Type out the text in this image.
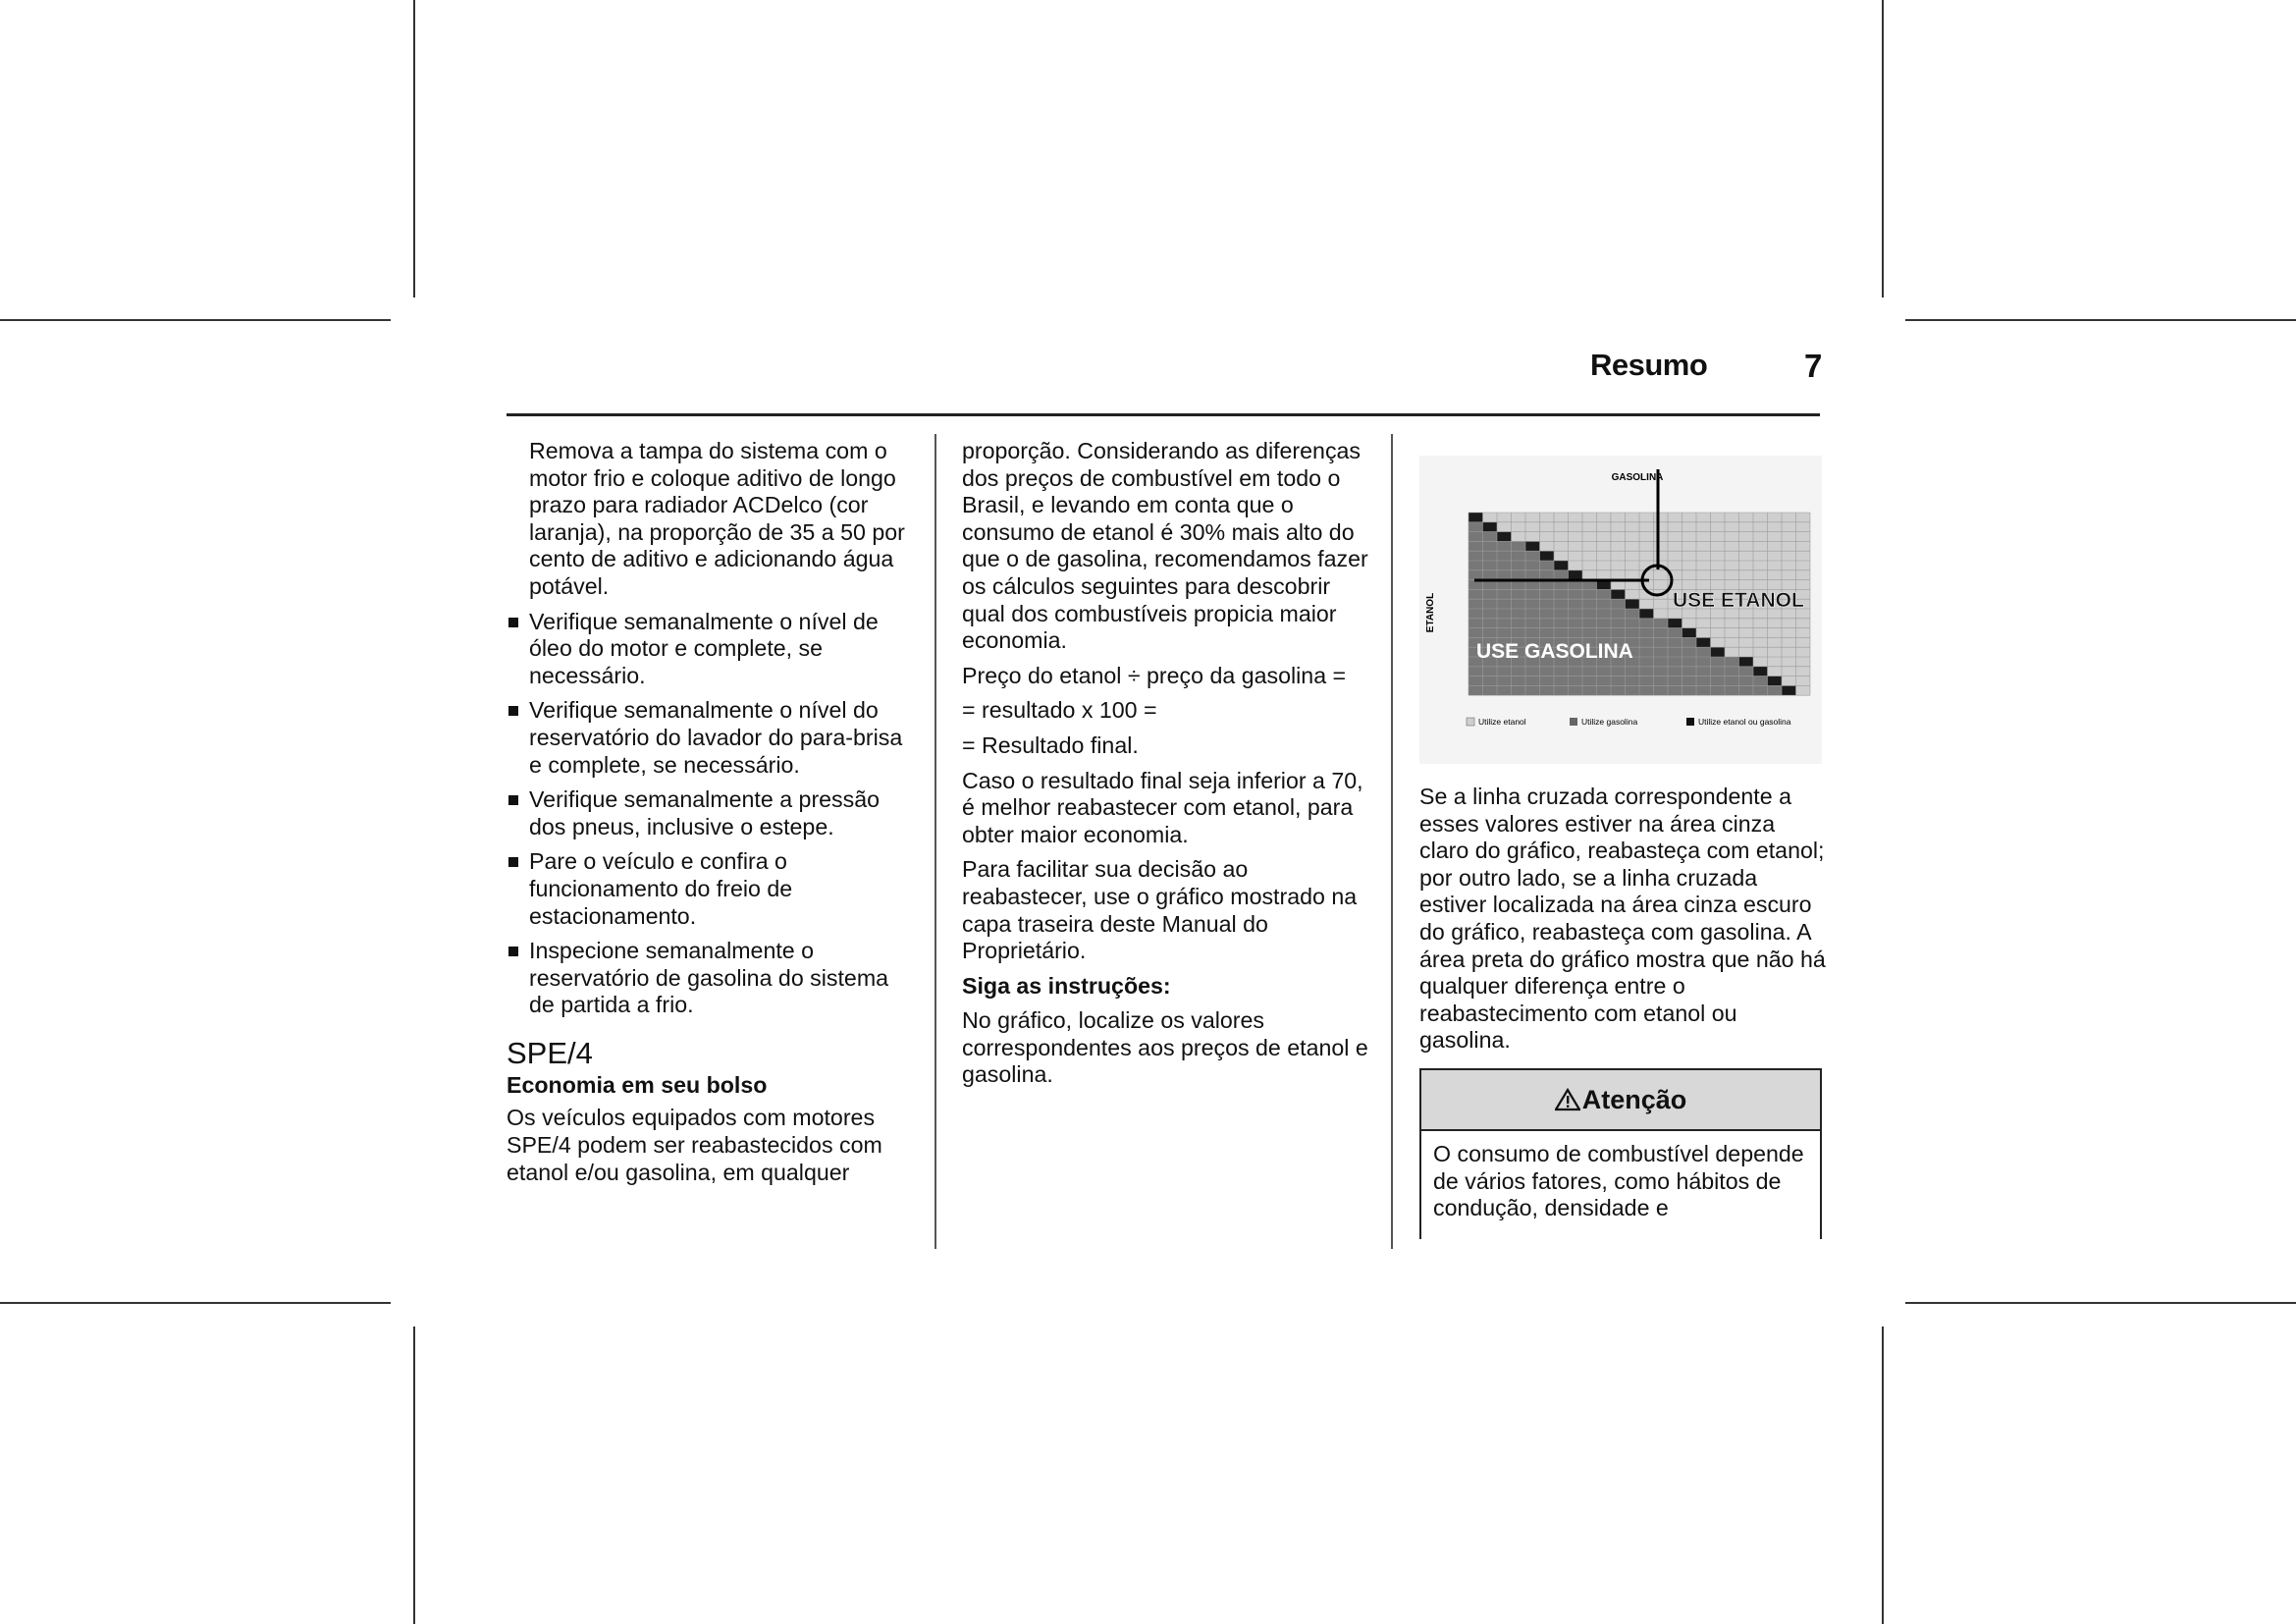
Resumo	7

Remova a tampa do sistema com o motor frio e coloque aditivo de longo prazo para radiador ACDelco (cor laranja), na proporção de 35 a 50 por cento de aditivo e adicionando água potável.

Verifique semanalmente o nível de óleo do motor e complete, se necessário.
Verifique semanalmente o nível do reservatório do lavador do para-brisa e complete, se necessário.
Verifique semanalmente a pressão dos pneus, inclusive o estepe.
Pare o veículo e confira o funcionamento do freio de estacionamento.
Inspecione semanalmente o reservatório de gasolina do sistema de partida a frio.
SPE/4
Economia em seu bolso

Os veículos equipados com motores SPE/4 podem ser reabastecidos com etanol e/ou gasolina, em qualquer

proporção. Considerando as diferenças dos preços de combustível em todo o Brasil, e levando em conta que o consumo de etanol é 30% mais alto do que o de gasolina, recomendamos fazer os cálculos seguintes para descobrir qual dos combustíveis propicia maior economia.

Preço do etanol ÷ preço da gasolina =

= resultado x 100 =

= Resultado final.

Caso o resultado final seja inferior a 70, é melhor reabastecer com etanol, para obter maior economia.

Para facilitar sua decisão ao reabastecer, use o gráfico mostrado na capa traseira deste Manual do Proprietário.

Siga as instruções:

No gráfico, localize os valores correspondentes aos preços de etanol e gasolina.

GASOLINA
ETANOL	USE ETANOL
USE GASOLINA
Utilize etanol	Utilize gasolina	Utilize etanol ou gasolina

Se a linha cruzada correspondente a esses valores estiver na área cinza claro do gráfico, reabasteça com etanol; por outro lado, se a linha cruzada estiver localizada na área cinza escuro do gráfico, reabasteça com gasolina. A área preta do gráfico mostra que não há qualquer diferença entre o reabastecimento com etanol ou gasolina.

Atenção
O consumo de combustível depende de vários fatores, como hábitos de condução, densidade e
